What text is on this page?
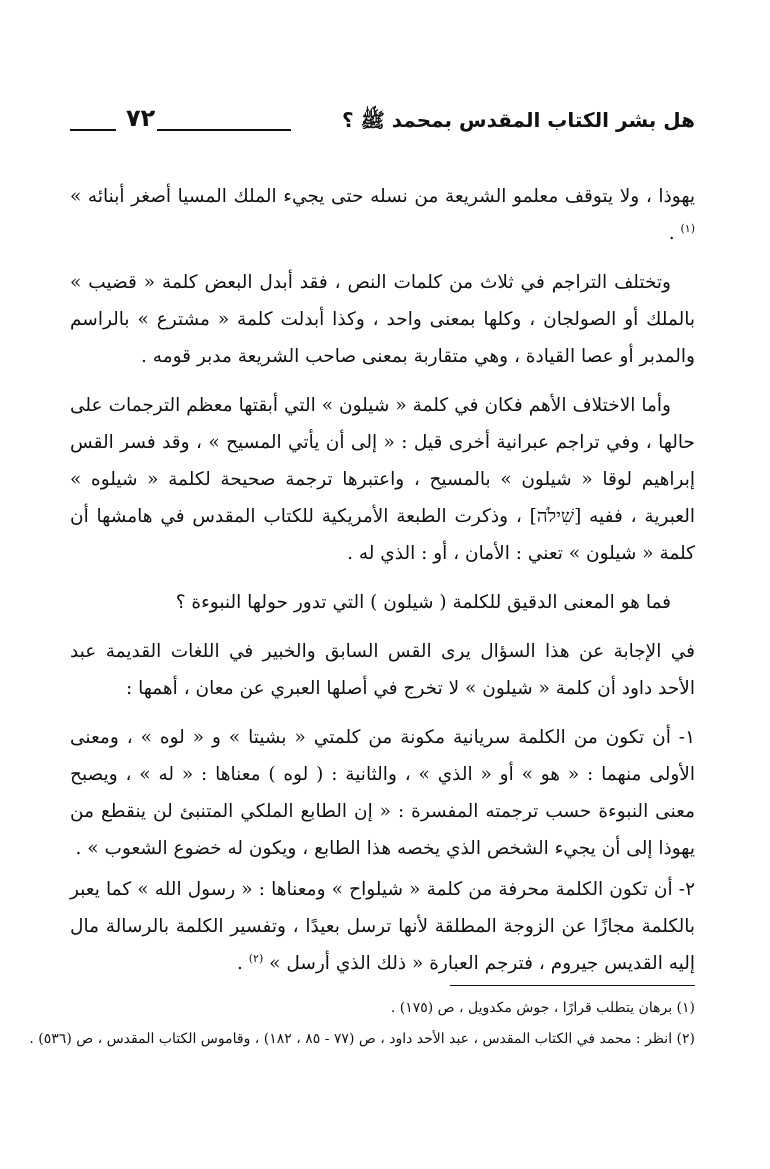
هل بشر الكتاب المقدس بمحمد ﷺ ؟
٧٢

يهوذا ، ولا يتوقف معلمو الشريعة من نسله حتى يجيء الملك المسيا أصغر أبنائه » $^{(١)}$ .

وتختلف التراجم في ثلاث من كلمات النص ، فقد أبدل البعض كلمة « قضيب » بالملك أو الصولجان ، وكلها بمعنى واحد ، وكذا أبدلت كلمة « مشترع » بالراسم والمدبر أو عصا القيادة ، وهي متقاربة بمعنى صاحب الشريعة مدبر قومه .

وأما الاختلاف الأهم فكان في كلمة « شيلون » التي أبقتها معظم الترجمات على حالها ، وفي تراجم عبرانية أخرى قيل : « إلى أن يأتي المسيح » ، وقد فسر القس إبراهيم لوقا « شيلون » بالمسيح ، واعتبرها ترجمة صحيحة لكلمة « شيلوه » العبرية ، ففيه [שִׁילֹה] ، وذكرت الطبعة الأمريكية للكتاب المقدس في هامشها أن كلمة « شيلون » تعني : الأمان ، أو : الذي له .

فما هو المعنى الدقيق للكلمة ( شيلون ) التي تدور حولها النبوءة ؟

في الإجابة عن هذا السؤال يرى القس السابق والخبير في اللغات القديمة عبد الأحد داود أن كلمة « شيلون » لا تخرج في أصلها العبري عن معان ، أهمها :

١- أن تكون من الكلمة سريانية مكونة من كلمتي « بشيتا » و « لوه » ، ومعنى الأولى منهما : « هو » أو « الذي » ، والثانية : ( لوه ) معناها : « له » ، ويصبح معنى النبوءة حسب ترجمته المفسرة : « إن الطابع الملكي المتنبئ لن ينقطع من يهوذا إلى أن يجيء الشخص الذي يخصه هذا الطابع ، ويكون له خضوع الشعوب » .

٢- أن تكون الكلمة محرفة من كلمة « شيلواح » ومعناها : « رسول الله » كما يعبر بالكلمة مجازًا عن الزوجة المطلقة لأنها ترسل بعيدًا ، وتفسير الكلمة بالرسالة مال إليه القديس جيروم ، فترجم العبارة « ذلك الذي أرسل » $^{(٢)}$ .

(١) برهان يتطلب قرارًا ، جوش مكدويل ، ص (١٧٥) .

(٢) انظر : محمد في الكتاب المقدس ، عبد الأحد داود ، ص (٧٧ - ٨٥ ، ١٨٢) ، وقاموس الكتاب المقدس ، ص (٥٣٦) .
